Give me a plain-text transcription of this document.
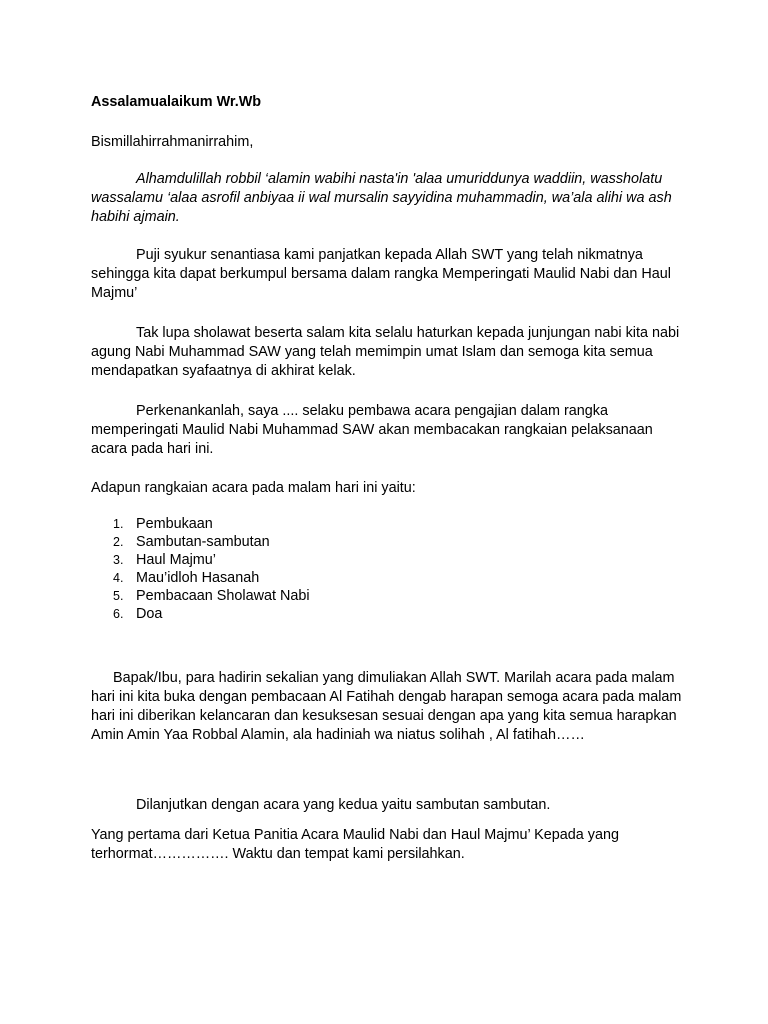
Assalamualaikum Wr.Wb

Bismillahirrahmanirrahim,

Alhamdulillah robbil ‘alamin wabihi nasta'in 'alaa umuriddunya waddiin, wassholatu wassalamu ‘alaa asrofil anbiyaa ii wal mursalin sayyidina muhammadin, wa’ala alihi wa ash habihi ajmain.

Puji syukur senantiasa kami panjatkan kepada Allah SWT yang telah nikmatnya sehingga kita dapat berkumpul bersama dalam rangka Memperingati Maulid Nabi dan Haul Majmu’

Tak lupa sholawat beserta salam kita selalu haturkan kepada junjungan nabi kita nabi agung Nabi Muhammad SAW yang telah memimpin umat Islam dan semoga kita semua mendapatkan syafaatnya di akhirat kelak.

Perkenankanlah, saya .... selaku pembawa acara pengajian dalam rangka memperingati Maulid Nabi Muhammad SAW akan membacakan rangkaian pelaksanaan acara pada hari ini.

Adapun rangkaian acara pada malam hari ini yaitu:

1. Pembukaan
2. Sambutan-sambutan
3. Haul Majmu’
4. Mau’idloh Hasanah
5. Pembacaan Sholawat Nabi
6. Doa

Bapak/Ibu, para hadirin sekalian yang dimuliakan Allah SWT. Marilah acara pada malam hari ini kita buka dengan pembacaan Al Fatihah dengab harapan semoga acara pada malam hari ini diberikan kelancaran dan kesuksesan sesuai dengan apa yang kita semua harapkan Amin Amin Yaa Robbal Alamin, ala hadiniah wa niatus solihah , Al fatihah……

Dilanjutkan dengan acara yang kedua yaitu sambutan sambutan.

Yang pertama dari Ketua Panitia Acara Maulid Nabi dan Haul Majmu’ Kepada yang terhormat……………. Waktu dan tempat kami persilahkan.
